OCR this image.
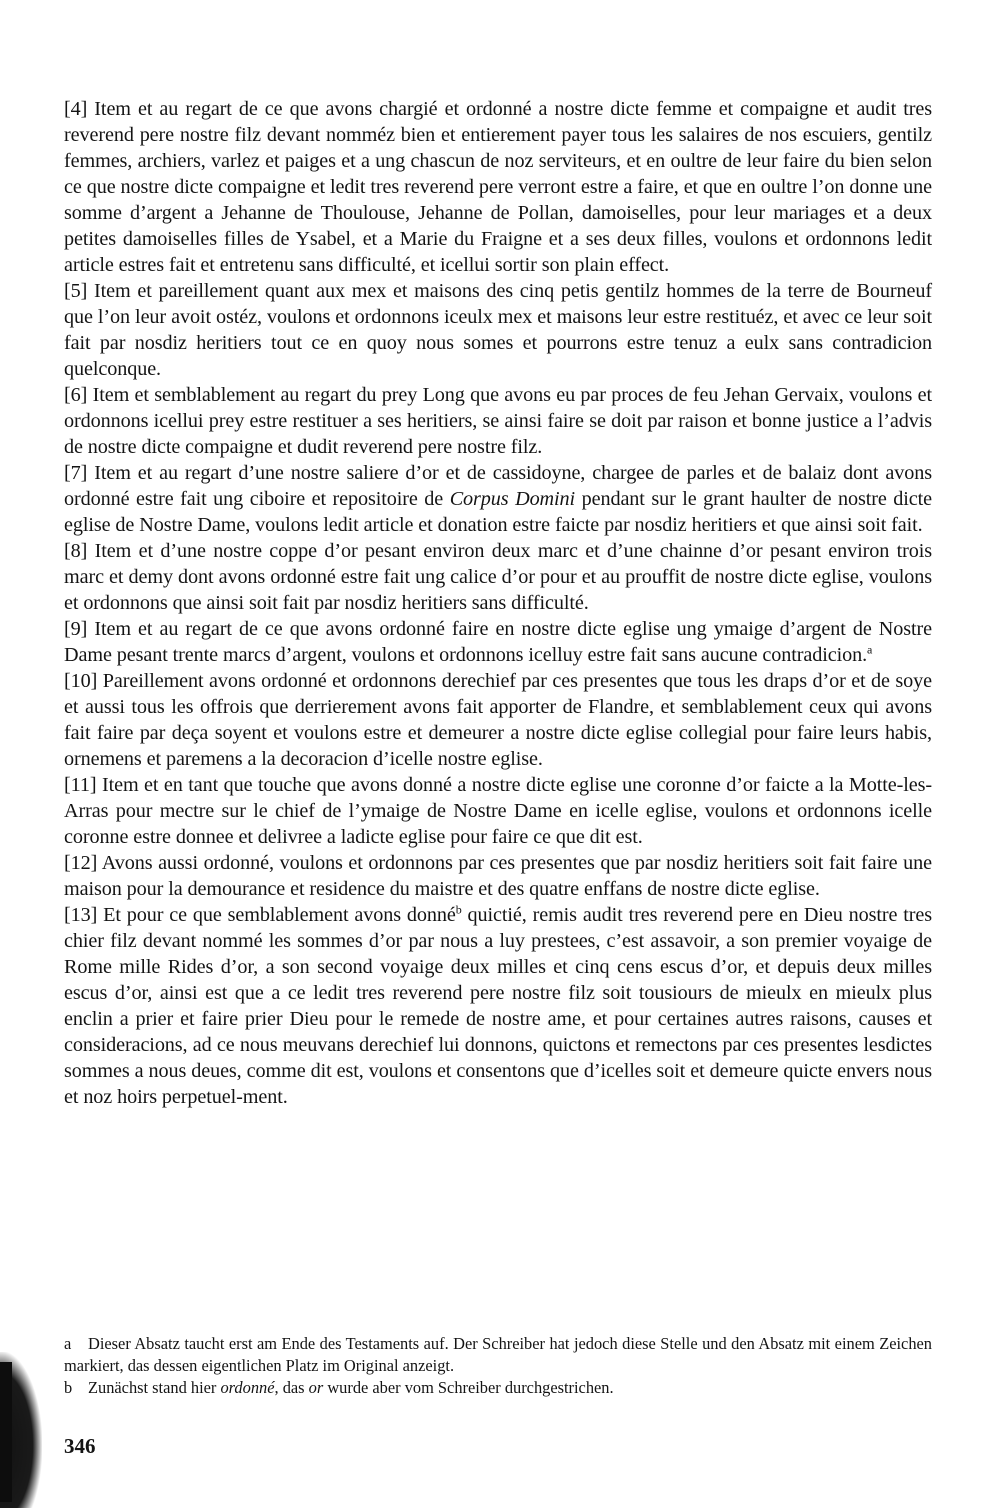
[4] Item et au regart de ce que avons chargié et ordonné a nostre dicte femme et compaigne et audit tres reverend pere nostre filz devant nomméz bien et entierement payer tous les salaires de nos escuiers, gentilz femmes, archiers, varlez et paiges et a ung chascun de noz serviteurs, et en oultre de leur faire du bien selon ce que nostre dicte compaigne et ledit tres reverend pere verront estre a faire, et que en oultre l’on donne une somme d’argent a Jehanne de Thoulouse, Jehanne de Pollan, damoiselles, pour leur mariages et a deux petites damoiselles filles de Ysabel, et a Marie du Fraigne et a ses deux filles, voulons et ordonnons ledit article estres fait et entretenu sans difficulté, et icellui sortir son plain effect.

[5] Item et pareillement quant aux mex et maisons des cinq petis gentilz hommes de la terre de Bourneuf que l’on leur avoit ostéz, voulons et ordonnons iceulx mex et maisons leur estre restituéz, et avec ce leur soit fait par nosdiz heritiers tout ce en quoy nous somes et pourrons estre tenuz a eulx sans contradicion quelconque.

[6] Item et semblablement au regart du prey Long que avons eu par proces de feu Jehan Gervaix, voulons et ordonnons icellui prey estre restituer a ses heritiers, se ainsi faire se doit par raison et bonne justice a l’advis de nostre dicte compaigne et dudit reverend pere nostre filz.

[7] Item et au regart d’une nostre saliere d’or et de cassidoyne, chargee de parles et de balaiz dont avons ordonné estre fait ung ciboire et repositoire de Corpus Domini pendant sur le grant haulter de nostre dicte eglise de Nostre Dame, voulons ledit article et donation estre faicte par nosdiz heritiers et que ainsi soit fait.

[8] Item et d’une nostre coppe d’or pesant environ deux marc et d’une chainne d’or pesant environ trois marc et demy dont avons ordonné estre fait ung calice d’or pour et au prouffit de nostre dicte eglise, voulons et ordonnons que ainsi soit fait par nosdiz heritiers sans difficulté.

[9] Item et au regart de ce que avons ordonné faire en nostre dicte eglise ung ymaige d’argent de Nostre Dame pesant trente marcs d’argent, voulons et ordonnons icelluy estre fait sans aucune contradicion.$^a$

[10] Pareillement avons ordonné et ordonnons derechief par ces presentes que tous les draps d’or et de soye et aussi tous les offrois que derrierement avons fait apporter de Flandre, et semblablement ceux qui avons fait faire par deça soyent et voulons estre et demeurer a nostre dicte eglise collegial pour faire leurs habis, ornemens et paremens a la decoracion d’icelle nostre eglise.

[11] Item et en tant que touche que avons donné a nostre dicte eglise une coronne d’or faicte a la Motte-les-Arras pour mectre sur le chief de l’ymaige de Nostre Dame en icelle eglise, voulons et ordonnons icelle coronne estre donnee et delivree a ladicte eglise pour faire ce que dit est.

[12] Avons aussi ordonné, voulons et ordonnons par ces presentes que par nosdiz heritiers soit fait faire une maison pour la demourance et residence du maistre et des quatre enffans de nostre dicte eglise.

[13] Et pour ce que semblablement avons donné$^b$ quictié, remis audit tres reverend pere en Dieu nostre tres chier filz devant nommé les sommes d’or par nous a luy prestees, c’est assavoir, a son premier voyaige de Rome mille Rides d’or, a son second voyaige deux milles et cinq cens escus d’or, et depuis deux milles escus d’or, ainsi est que a ce ledit tres reverend pere nostre filz soit tousiours de mieulx en mieulx plus enclin a prier et faire prier Dieu pour le remede de nostre ame, et pour certaines autres raisons, causes et consideracions, ad ce nous meuvans derechief lui donnons, quictons et remectons par ces presentes lesdictes sommes a nous deues, comme dit est, voulons et consentons que d’icelles soit et demeure quicte envers nous et noz hoirs perpetuel-ment.

a Dieser Absatz taucht erst am Ende des Testaments auf. Der Schreiber hat jedoch diese Stelle und den Absatz mit einem Zeichen markiert, das dessen eigentlichen Platz im Original anzeigt.

b Zunächst stand hier ordonné, das or wurde aber vom Schreiber durchgestrichen.

346
